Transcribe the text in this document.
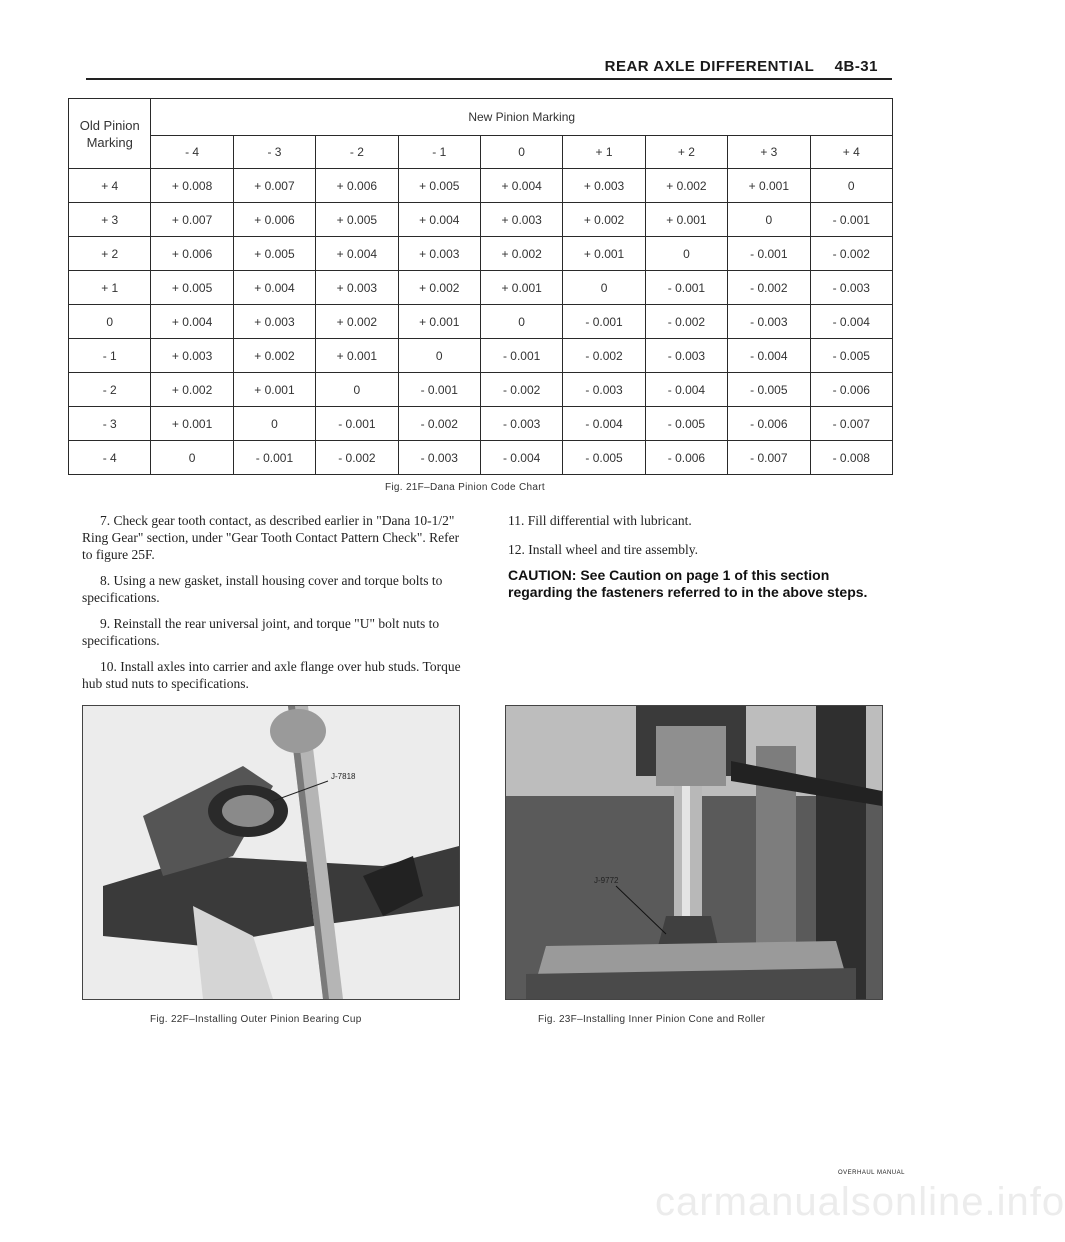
REAR AXLE DIFFERENTIAL 4B-31
Old Pinion
Marking	New Pinion Marking								
	- 4	- 3	- 2	- 1	0	+ 1	+ 2	+ 3	+ 4
+ 4	+ 0.008	+ 0.007	+ 0.006	+ 0.005	+ 0.004	+ 0.003	+ 0.002	+ 0.001	0
+ 3	+ 0.007	+ 0.006	+ 0.005	+ 0.004	+ 0.003	+ 0.002	+ 0.001	0	- 0.001
+ 2	+ 0.006	+ 0.005	+ 0.004	+ 0.003	+ 0.002	+ 0.001	0	- 0.001	- 0.002
+ 1	+ 0.005	+ 0.004	+ 0.003	+ 0.002	+ 0.001	0	- 0.001	- 0.002	- 0.003
0	+ 0.004	+ 0.003	+ 0.002	+ 0.001	0	- 0.001	- 0.002	- 0.003	- 0.004
- 1	+ 0.003	+ 0.002	+ 0.001	0	- 0.001	- 0.002	- 0.003	- 0.004	- 0.005
- 2	+ 0.002	+ 0.001	0	- 0.001	- 0.002	- 0.003	- 0.004	- 0.005	- 0.006
- 3	+ 0.001	0	- 0.001	- 0.002	- 0.003	- 0.004	- 0.005	- 0.006	- 0.007
- 4	0	- 0.001	- 0.002	- 0.003	- 0.004	- 0.005	- 0.006	- 0.007	- 0.008
Fig. 21F–Dana Pinion Code Chart

7. Check gear tooth contact, as described earlier in "Dana 10-1/2" Ring Gear" section, under "Gear Tooth Contact Pattern Check". Refer to figure 25F.

8. Using a new gasket, install housing cover and torque bolts to specifications.

9. Reinstall the rear universal joint, and torque "U" bolt nuts to specifications.

10. Install axles into carrier and axle flange over hub studs. Torque hub stud nuts to specifications.

11. Fill differential with lubricant.

12. Install wheel and tire assembly.

CAUTION: See Caution on page 1 of this section regarding the fasteners referred to in the above steps.

J-7818
Fig. 22F–Installing Outer Pinion Bearing Cup
J-9772
Fig. 23F–Installing Inner Pinion Cone and Roller
OVERHAUL MANUAL
carmanualsonline.info
